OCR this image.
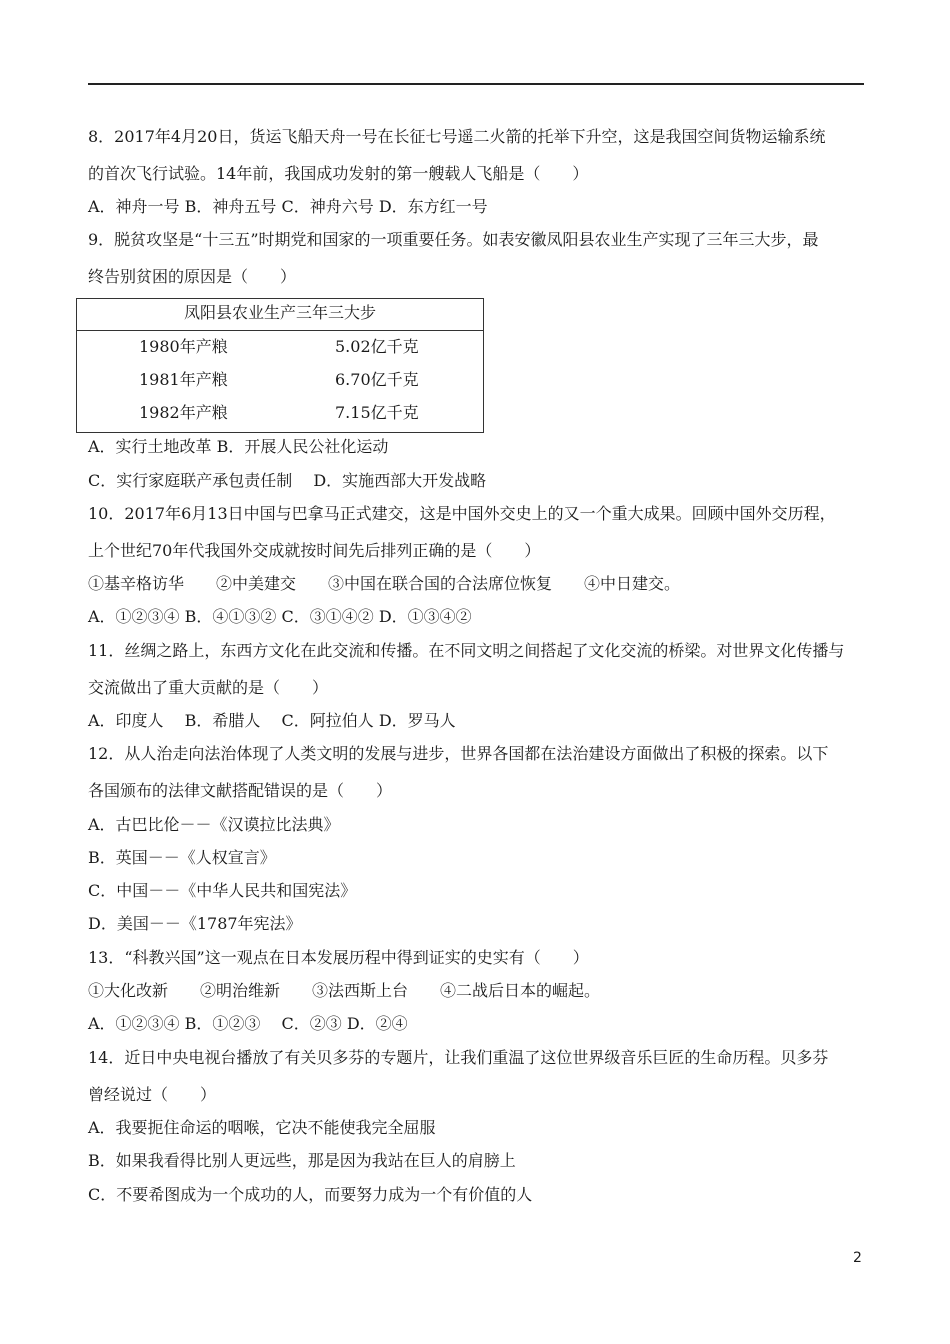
8．2017年4月20日，货运飞船天舟一号在长征七号遥二火箭的托举下升空，这是我国空间货物运输系统
的首次飞行试验。14年前，我国成功发射的第一艘载人飞船是（　　）
A．神舟一号 B．神舟五号 C．神舟六号 D．东方红一号
9．脱贫攻坚是“十三五”时期党和国家的一项重要任务。如表安徽凤阳县农业生产实现了三年三大步，最
终告别贫困的原因是（　　）
凤阳县农业生产三年三大步
1980年产粮	5.02亿千克
1981年产粮	6.70亿千克
1982年产粮	7.15亿千克
A．实行土地改革 B．开展人民公社化运动
C．实行家庭联产承包责任制　 D．实施西部大开发战略
10．2017年6月13日中国与巴拿马正式建交，这是中国外交史上的又一个重大成果。回顾中国外交历程，
上个世纪70年代我国外交成就按时间先后排列正确的是（　　）
①基辛格访华　　②中美建交　　③中国在联合国的合法席位恢复　　④中日建交。
A．①②③④ B．④①③② C．③①④② D．①③④②
11．丝绸之路上，东西方文化在此交流和传播。在不同文明之间搭起了文化交流的桥梁。对世界文化传播与
交流做出了重大贡献的是（　　）
A．印度人　 B．希腊人　 C．阿拉伯人 D．罗马人
12．从人治走向法治体现了人类文明的发展与进步，世界各国都在法治建设方面做出了积极的探索。以下
各国颁布的法律文献搭配错误的是（　　）
A．古巴比伦－－《汉谟拉比法典》
B．英国－－《人权宣言》
C．中国－－《中华人民共和国宪法》
D．美国－－《1787年宪法》
13．“科教兴国”这一观点在日本发展历程中得到证实的史实有（　　）
①大化改新　　②明治维新　　③法西斯上台　　④二战后日本的崛起。
A．①②③④ B．①②③　 C．②③ D．②④
14．近日中央电视台播放了有关贝多芬的专题片，让我们重温了这位世界级音乐巨匠的生命历程。贝多芬
曾经说过（　　）
A．我要扼住命运的咽喉，它决不能使我完全屈服
B．如果我看得比别人更远些，那是因为我站在巨人的肩膀上
C．不要希图成为一个成功的人，而要努力成为一个有价值的人
2
